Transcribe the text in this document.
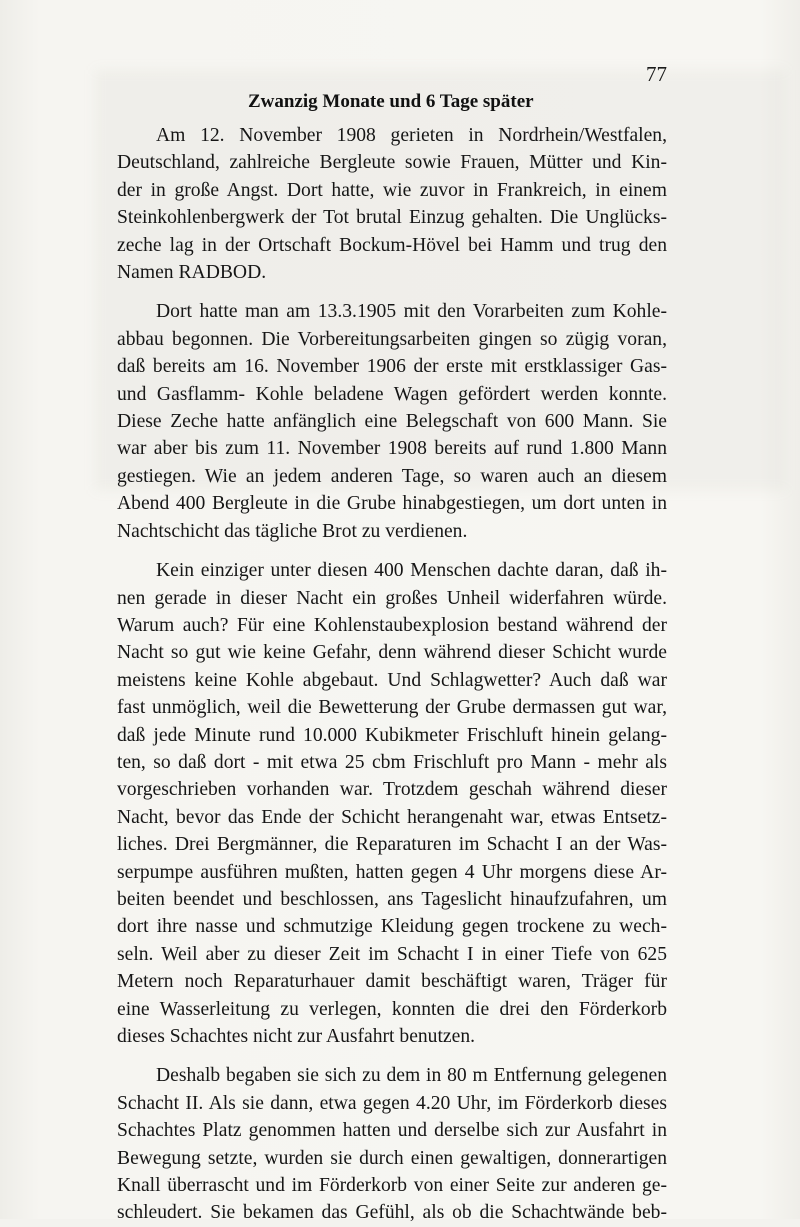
77
Zwanzig Monate und 6 Tage später
Am 12. November 1908 gerieten in Nordrhein/Westfalen,
Deutschland, zahlreiche Bergleute sowie Frauen, Mütter und Kin-
der in große Angst. Dort hatte, wie zuvor in Frankreich, in einem
Steinkohlenbergwerk der Tot brutal Einzug gehalten. Die Unglücks-
zeche lag in der Ortschaft Bockum-Hövel bei Hamm und trug den
Namen RADBOD.
Dort hatte man am 13.3.1905 mit den Vorarbeiten zum Kohle-
abbau begonnen. Die Vorbereitungsarbeiten gingen so zügig voran,
daß bereits am 16. November 1906 der erste mit erstklassiger Gas-
und Gasflamm- Kohle beladene Wagen gefördert werden konnte.
Diese Zeche hatte anfänglich eine Belegschaft von 600 Mann. Sie
war aber bis zum 11. November 1908 bereits auf rund 1.800 Mann
gestiegen. Wie an jedem anderen Tage, so waren auch an diesem
Abend 400 Bergleute in die Grube hinabgestiegen, um dort unten in
Nachtschicht das tägliche Brot zu verdienen.
Kein einziger unter diesen 400 Menschen dachte daran, daß ih-
nen gerade in dieser Nacht ein großes Unheil widerfahren würde.
Warum auch? Für eine Kohlenstaubexplosion bestand während der
Nacht so gut wie keine Gefahr, denn während dieser Schicht wurde
meistens keine Kohle abgebaut. Und Schlagwetter? Auch daß war
fast unmöglich, weil die Bewetterung der Grube dermassen gut war,
daß jede Minute rund 10.000 Kubikmeter Frischluft hinein gelang-
ten, so daß dort - mit etwa 25 cbm Frischluft pro Mann - mehr als
vorgeschrieben vorhanden war. Trotzdem geschah während dieser
Nacht, bevor das Ende der Schicht herangenaht war, etwas Entsetz-
liches. Drei Bergmänner, die Reparaturen im Schacht I an der Was-
serpumpe ausführen mußten, hatten gegen 4 Uhr morgens diese Ar-
beiten beendet und beschlossen, ans Tageslicht hinaufzufahren, um
dort ihre nasse und schmutzige Kleidung gegen trockene zu wech-
seln. Weil aber zu dieser Zeit im Schacht I in einer Tiefe von 625
Metern noch Reparaturhauer damit beschäftigt waren, Träger für
eine Wasserleitung zu verlegen, konnten die drei den Förderkorb
dieses Schachtes nicht zur Ausfahrt benutzen.
Deshalb begaben sie sich zu dem in 80 m Entfernung gelegenen
Schacht II. Als sie dann, etwa gegen 4.20 Uhr, im Förderkorb dieses
Schachtes Platz genommen hatten und derselbe sich zur Ausfahrt in
Bewegung setzte, wurden sie durch einen gewaltigen, donnerartigen
Knall überrascht und im Förderkorb von einer Seite zur anderen ge-
schleudert. Sie bekamen das Gefühl, als ob die Schachtwände beb-
